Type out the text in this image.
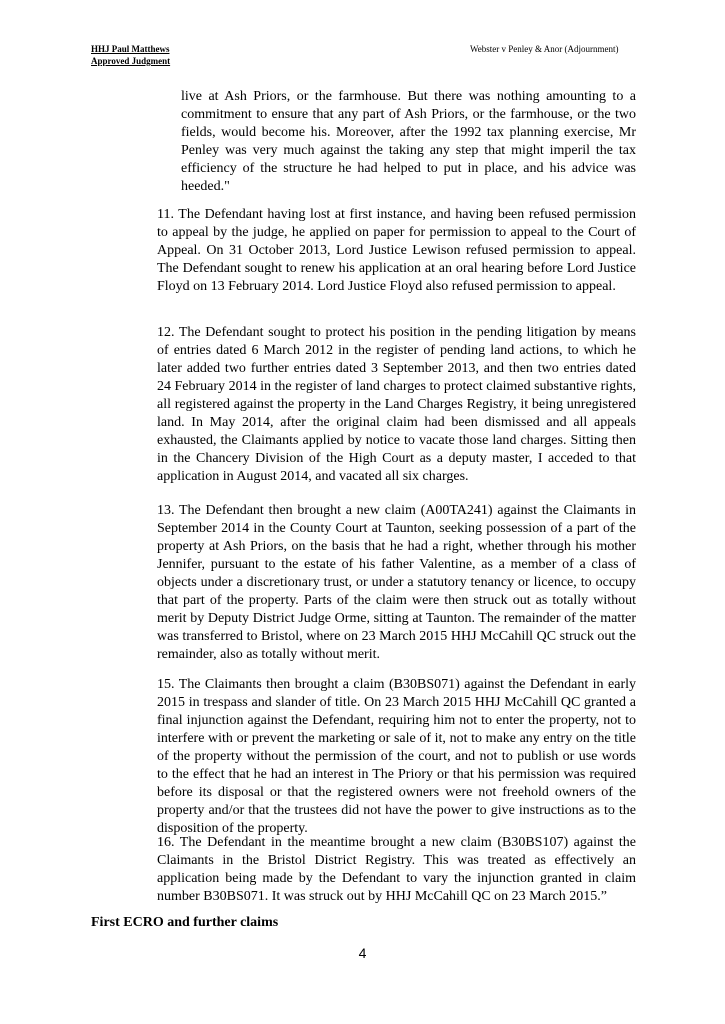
HHJ Paul Matthews
Approved Judgment
Webster v Penley & Anor (Adjournment)

live at Ash Priors, or the farmhouse. But there was nothing amounting to a commitment to ensure that any part of Ash Priors, or the farmhouse, or the two fields, would become his. Moreover, after the 1992 tax planning exercise, Mr Penley was very much against the taking any step that might imperil the tax efficiency of the structure he had helped to put in place, and his advice was heeded."

11. The Defendant having lost at first instance, and having been refused permission to appeal by the judge, he applied on paper for permission to appeal to the Court of Appeal. On 31 October 2013, Lord Justice Lewison refused permission to appeal. The Defendant sought to renew his application at an oral hearing before Lord Justice Floyd on 13 February 2014. Lord Justice Floyd also refused permission to appeal.

12. The Defendant sought to protect his position in the pending litigation by means of entries dated 6 March 2012 in the register of pending land actions, to which he later added two further entries dated 3 September 2013, and then two entries dated 24 February 2014 in the register of land charges to protect claimed substantive rights, all registered against the property in the Land Charges Registry, it being unregistered land. In May 2014, after the original claim had been dismissed and all appeals exhausted, the Claimants applied by notice to vacate those land charges. Sitting then in the Chancery Division of the High Court as a deputy master, I acceded to that application in August 2014, and vacated all six charges.

13. The Defendant then brought a new claim (A00TA241) against the Claimants in September 2014 in the County Court at Taunton, seeking possession of a part of the property at Ash Priors, on the basis that he had a right, whether through his mother Jennifer, pursuant to the estate of his father Valentine, as a member of a class of objects under a discretionary trust, or under a statutory tenancy or licence, to occupy that part of the property. Parts of the claim were then struck out as totally without merit by Deputy District Judge Orme, sitting at Taunton. The remainder of the matter was transferred to Bristol, where on 23 March 2015 HHJ McCahill QC struck out the remainder, also as totally without merit.

15. The Claimants then brought a claim (B30BS071) against the Defendant in early 2015 in trespass and slander of title. On 23 March 2015 HHJ McCahill QC granted a final injunction against the Defendant, requiring him not to enter the property, not to interfere with or prevent the marketing or sale of it, not to make any entry on the title of the property without the permission of the court, and not to publish or use words to the effect that he had an interest in The Priory or that his permission was required before its disposal or that the registered owners were not freehold owners of the property and/or that the trustees did not have the power to give instructions as to the disposition of the property.

16. The Defendant in the meantime brought a new claim (B30BS107) against the Claimants in the Bristol District Registry. This was treated as effectively an application being made by the Defendant to vary the injunction granted in claim number B30BS071. It was struck out by HHJ McCahill QC on 23 March 2015.”

First ECRO and further claims

4
